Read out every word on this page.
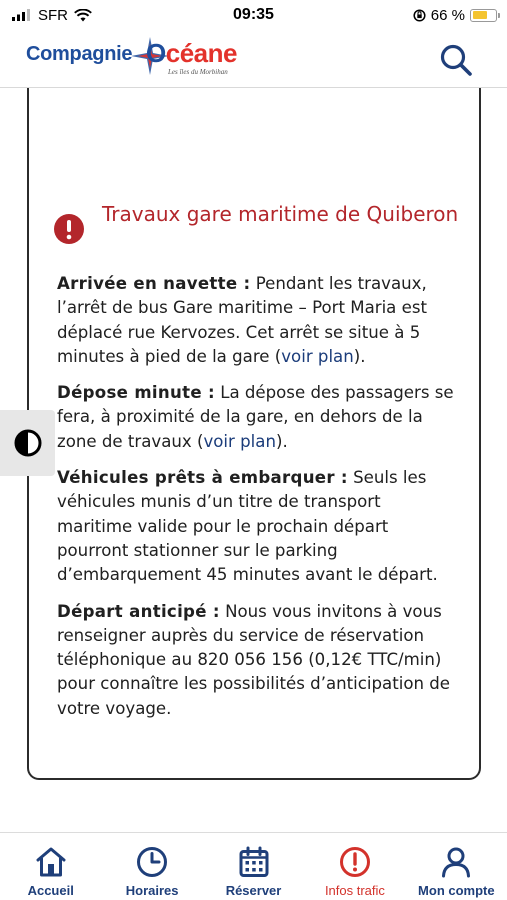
SFR	09:35	66 %
Compagnie Océane
Les îles du Morbihan
Travaux gare maritime de Quiberon

Arrivée en navette : Pendant les travaux, l’arrêt de bus Gare maritime – Port Maria est déplacé rue Kervozes. Cet arrêt se situe à 5 minutes à pied de la gare (voir plan).

Dépose minute : La dépose des passagers se fera, à proximité de la gare, en dehors de la zone de travaux (voir plan).

Véhicules prêts à embarquer : Seuls les véhicules munis d’un titre de transport maritime valide pour le prochain départ pourront stationner sur le parking d’embarquement 45 minutes avant le départ.

Départ anticipé : Nous vous invitons à vous renseigner auprès du service de réservation téléphonique au 820 056 156 (0,12€ TTC/min) pour connaître les possibilités d’anticipation de votre voyage.

Accueil	Horaires	Réserver	Infos trafic	Mon compte
